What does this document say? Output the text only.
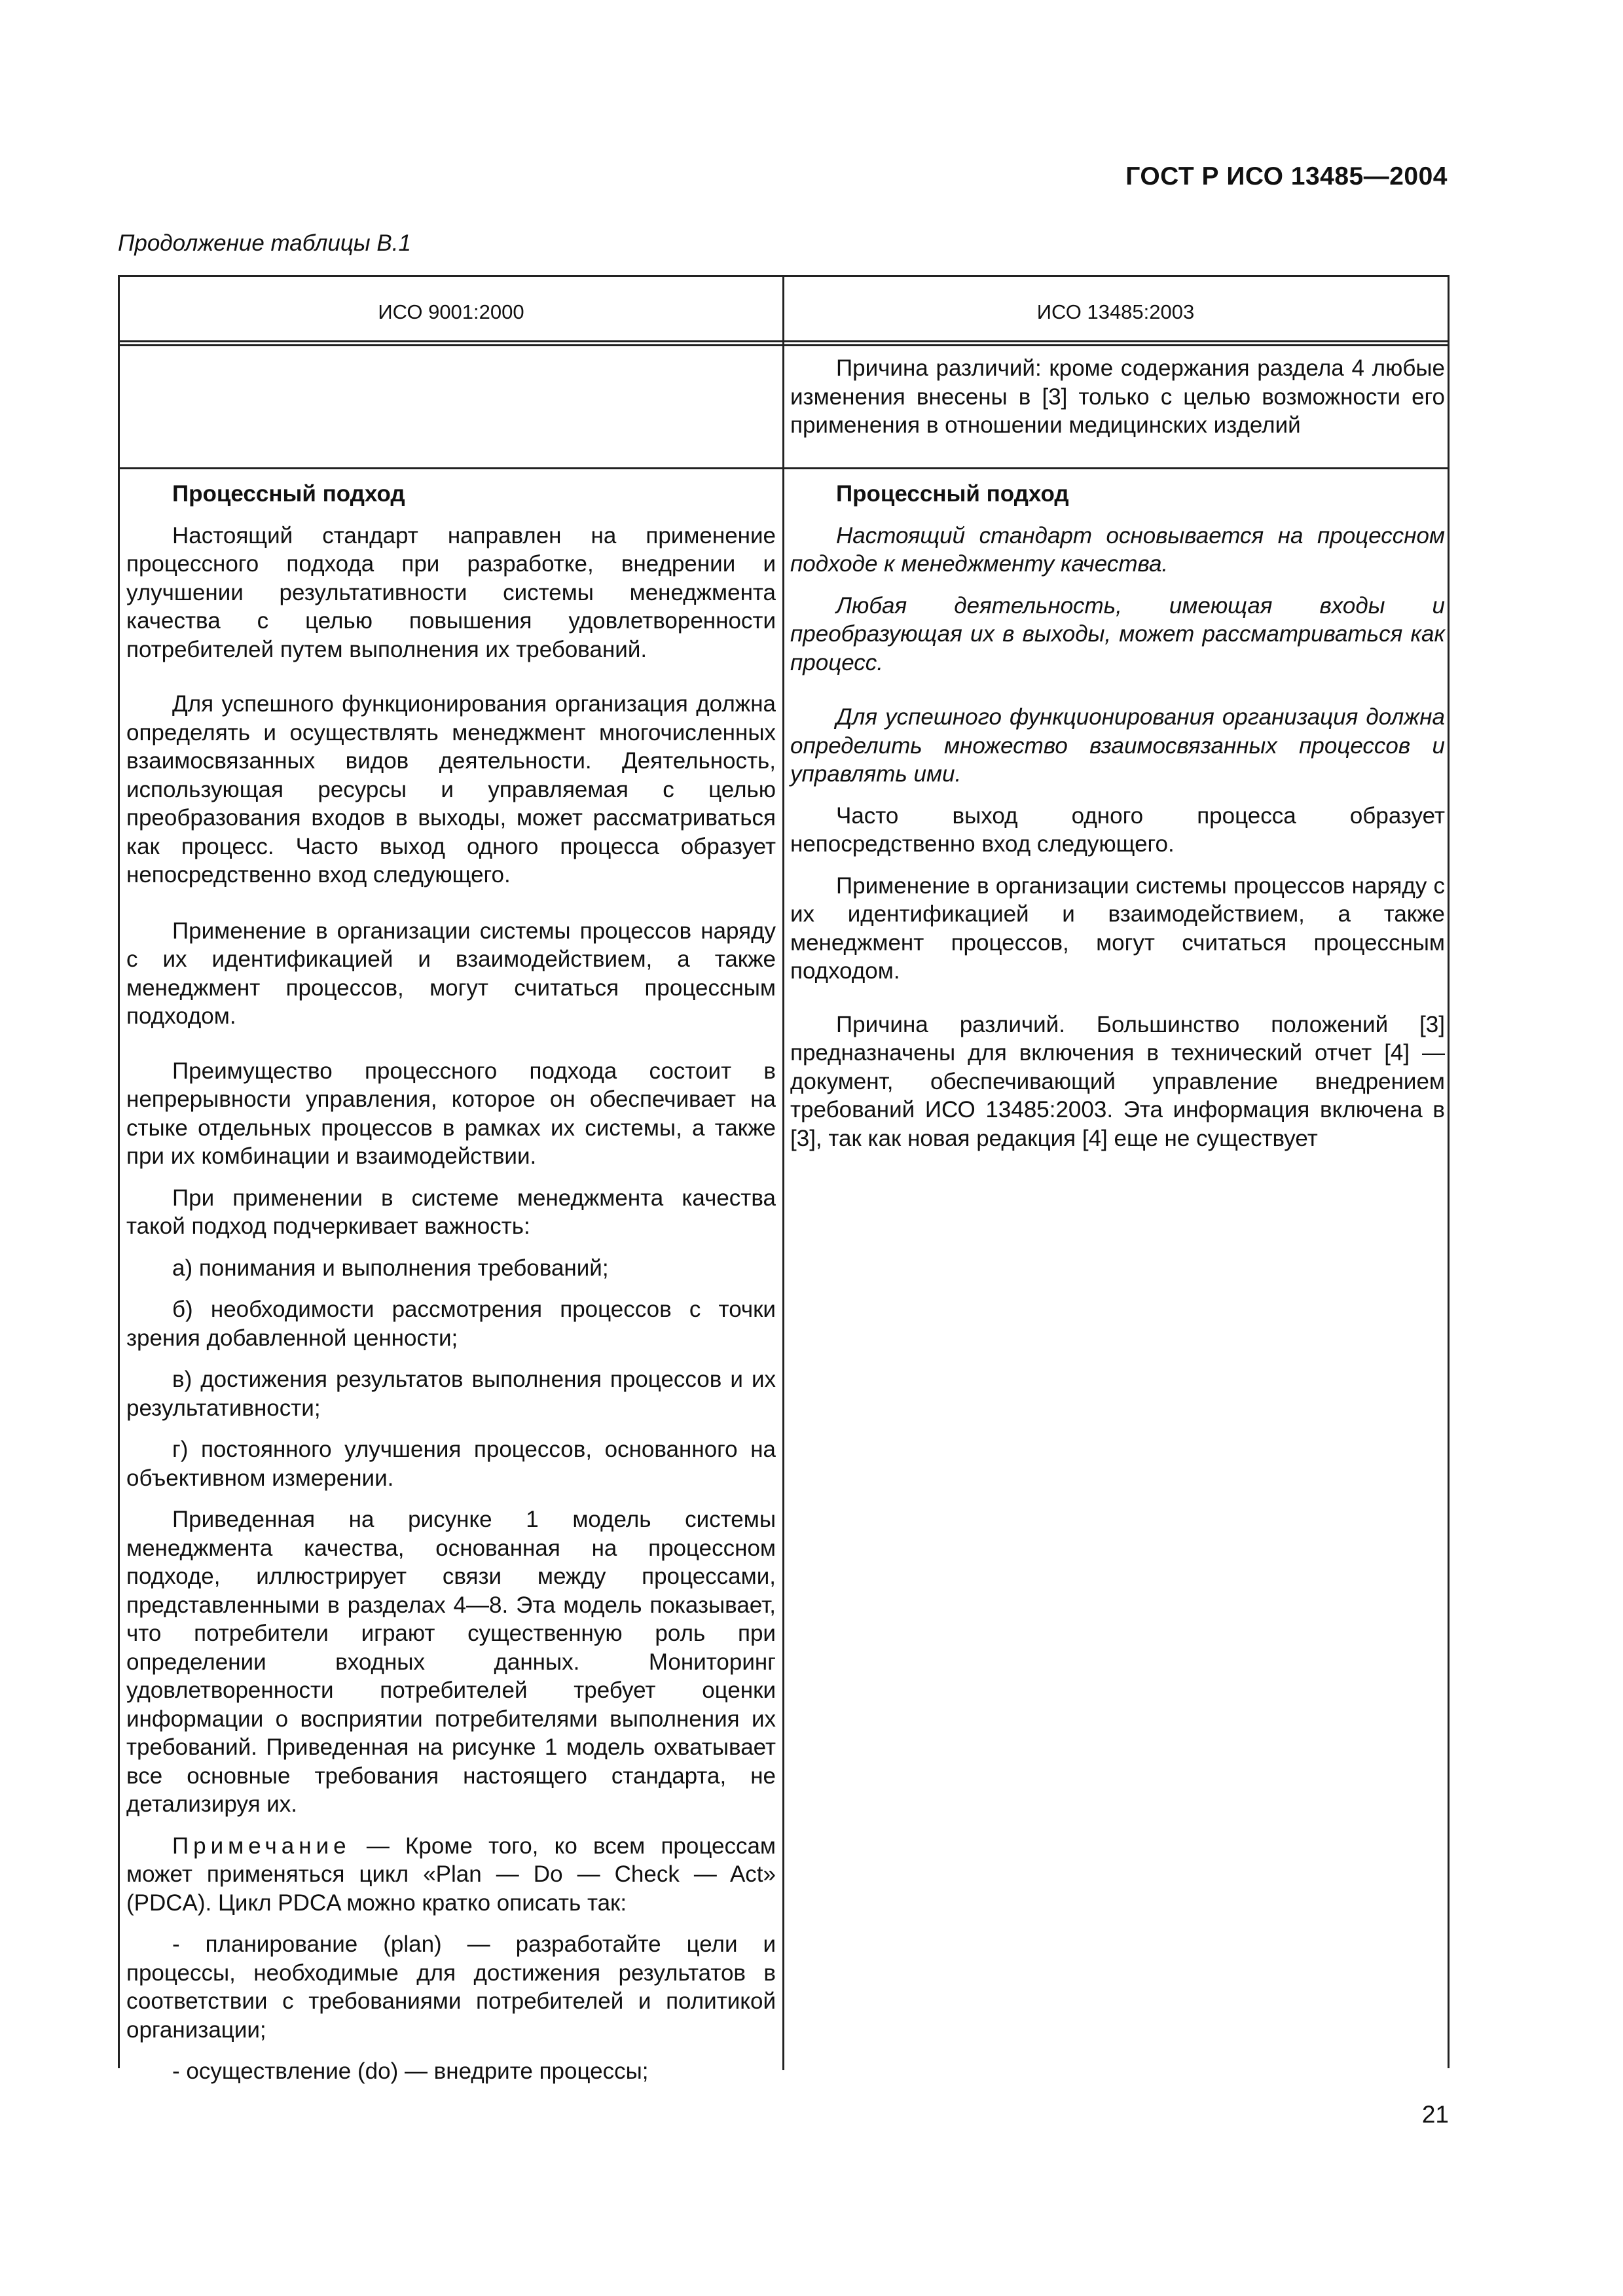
ГОСТ Р ИСО 13485—2004
Продолжение таблицы В.1
ИСО 9001:2000	ИСО 13485:2003

Причина различий: кроме содержания раздела 4 любые изменения внесены в [3] только с целью возможности его применения в отношении медицинских изделий

Процессный подход

Настоящий стандарт направлен на применение процессного подхода при разработке, внедрении и улучшении результативности системы менеджмента качества с целью повышения удовлетворенности потребителей путем выполнения их требований.

Для успешного функционирования организация должна определять и осуществлять менеджмент многочисленных взаимосвязанных видов деятельности. Деятельность, использующая ресурсы и управляемая с целью преобразования входов в выходы, может рассматриваться как процесс. Часто выход одного процесса образует непосредственно вход следующего.

Применение в организации системы процессов наряду с их идентификацией и взаимодействием, а также менеджмент процессов, могут считаться процессным подходом.

Преимущество процессного подхода состоит в непрерывности управления, которое он обеспечивает на стыке отдельных процессов в рамках их системы, а также при их комбинации и взаимодействии.

При применении в системе менеджмента качества такой подход подчеркивает важность:

а) понимания и выполнения требований;

б) необходимости рассмотрения процессов с точки зрения добавленной ценности;

в) достижения результатов выполнения процессов и их результативности;

г) постоянного улучшения процессов, основанного на объективном измерении.

Приведенная на рисунке 1 модель системы менеджмента качества, основанная на процессном подходе, иллюстрирует связи между процессами, представленными в разделах 4—8. Эта модель показывает, что потребители играют существенную роль при определении входных данных. Мониторинг удовлетворенности потребителей требует оценки информации о восприятии потребителями выполнения их требований. Приведенная на рисунке 1 модель охватывает все основные требования настоящего стандарта, не детализируя их.

Примечание — Кроме того, ко всем процессам может применяться цикл «Plan — Do — Check — Act» (PDCA). Цикл PDCA можно кратко описать так:

- планирование (plan) — разработайте цели и процессы, необходимые для достижения результатов в соответствии с требованиями потребителей и политикой организации;

- осуществление (do) — внедрите процессы;

Процессный подход

Настоящий стандарт основывается на процессном подходе к менеджменту качества.

Любая деятельность, имеющая входы и преобразующая их в выходы, может рассматриваться как процесс.

Для успешного функционирования организация должна определить множество взаимосвязанных процессов и управлять ими.

Часто выход одного процесса образует непосредственно вход следующего.

Применение в организации системы процессов наряду с их идентификацией и взаимодействием, а также менеджмент процессов, могут считаться процессным подходом.

Причина различий. Большинство положений [3] предназначены для включения в технический отчет [4] — документ, обеспечивающий управление внедрением требований ИСО 13485:2003. Эта информация включена в [3], так как новая редакция [4] еще не существует

21
